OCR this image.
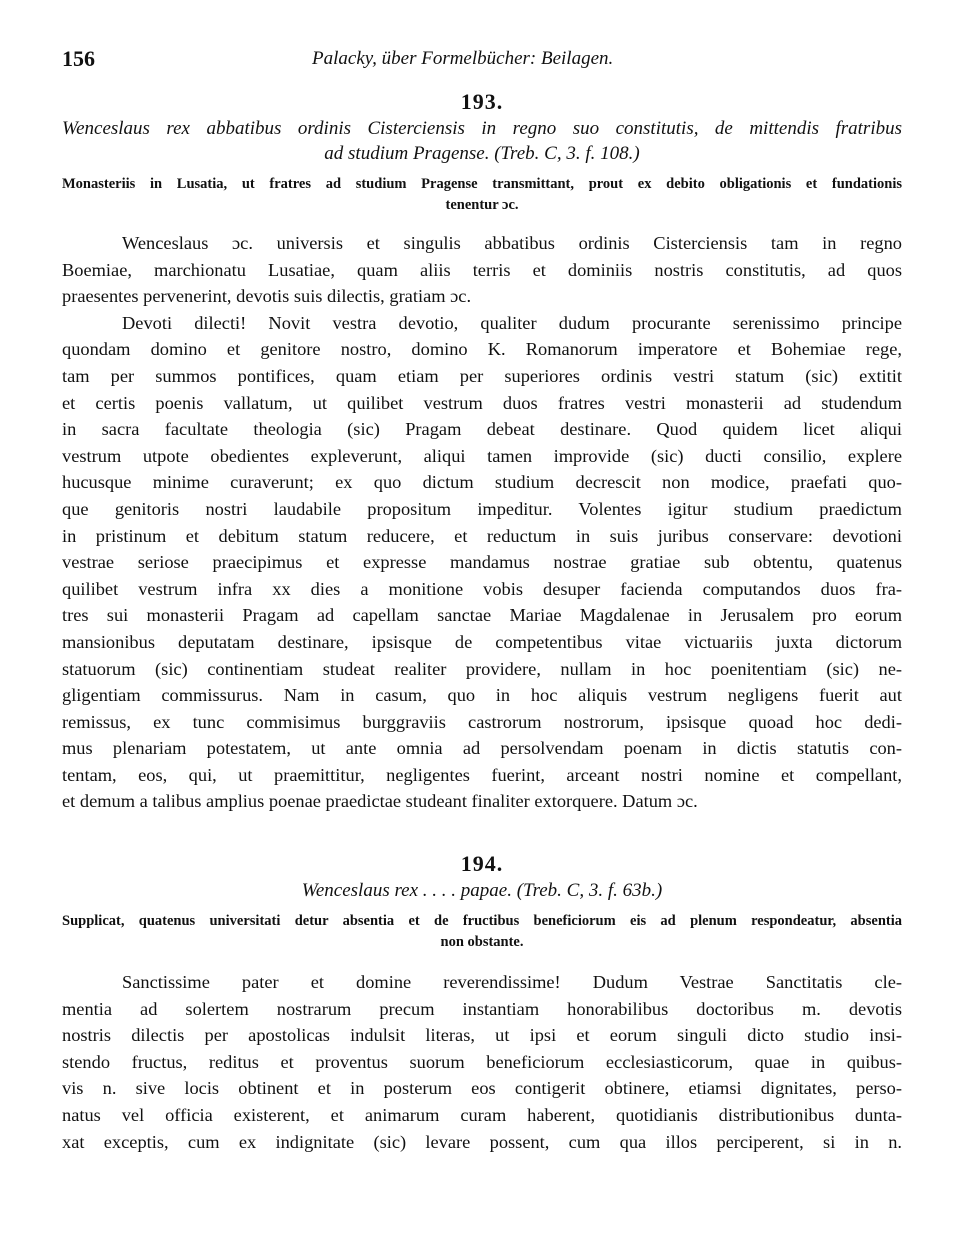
156	Palacky, über Formelbücher: Beilagen.

193.

Wenceslaus rex abbatibus ordinis Cisterciensis in regno suo constitutis, de mittendis fratribus
ad studium Pragense. (Treb. C, 3. f. 108.)

Monasteriis in Lusatia, ut fratres ad studium Pragense transmittant, prout ex debito obligationis et fundationis
tenentur ɔc.

Wenceslaus ɔc. universis et singulis abbatibus ordinis Cisterciensis tam in regno
Boemiae, marchionatu Lusatiae, quam aliis terris et dominiis nostris constitutis, ad quos
praesentes pervenerint, devotis suis dilectis, gratiam ɔc.
Devoti dilecti! Novit vestra devotio, qualiter dudum procurante serenissimo principe
quondam domino et genitore nostro, domino K. Romanorum imperatore et Bohemiae rege,
tam per summos pontifices, quam etiam per superiores ordinis vestri statum (sic) extitit
et certis poenis vallatum, ut quilibet vestrum duos fratres vestri monasterii ad studendum
in sacra facultate theologia (sic) Pragam debeat destinare. Quod quidem licet aliqui
vestrum utpote obedientes expleverunt, aliqui tamen improvide (sic) ducti consilio, explere
hucusque minime curaverunt; ex quo dictum studium decrescit non modice, praefati quo-
que genitoris nostri laudabile propositum impeditur. Volentes igitur studium praedictum
in pristinum et debitum statum reducere, et reductum in suis juribus conservare: devotioni
vestrae seriose praecipimus et expresse mandamus nostrae gratiae sub obtentu, quatenus
quilibet vestrum infra xx dies a monitione vobis desuper facienda computandos duos fra-
tres sui monasterii Pragam ad capellam sanctae Mariae Magdalenae in Jerusalem pro eorum
mansionibus deputatam destinare, ipsisque de competentibus vitae victuariis juxta dictorum
statuorum (sic) continentiam studeat realiter providere, nullam in hoc poenitentiam (sic) ne-
gligentiam commissurus. Nam in casum, quo in hoc aliquis vestrum negligens fuerit aut
remissus, ex tunc commisimus burggraviis castrorum nostrorum, ipsisque quoad hoc dedi-
mus plenariam potestatem, ut ante omnia ad persolvendam poenam in dictis statutis con-
tentam, eos, qui, ut praemittitur, negligentes fuerint, arceant nostri nomine et compellant,
et demum a talibus amplius poenae praedictae studeant finaliter extorquere. Datum ɔc.

194.

Wenceslaus rex . . . . papae. (Treb. C, 3. f. 63b.)

Supplicat, quatenus universitati detur absentia et de fructibus beneficiorum eis ad plenum respondeatur, absentia
non obstante.

Sanctissime pater et domine reverendissime! Dudum Vestrae Sanctitatis cle-
mentia ad solertem nostrarum precum instantiam honorabilibus doctoribus m. devotis
nostris dilectis per apostolicas indulsit literas, ut ipsi et eorum singuli dicto studio insi-
stendo fructus, reditus et proventus suorum beneficiorum ecclesiasticorum, quae in quibus-
vis n. sive locis obtinent et in posterum eos contigerit obtinere, etiamsi dignitates, perso-
natus vel officia existerent, et animarum curam haberent, quotidianis distributionibus dunta-
xat exceptis, cum ex indignitate (sic) levare possent, cum qua illos perciperent, si in n.
